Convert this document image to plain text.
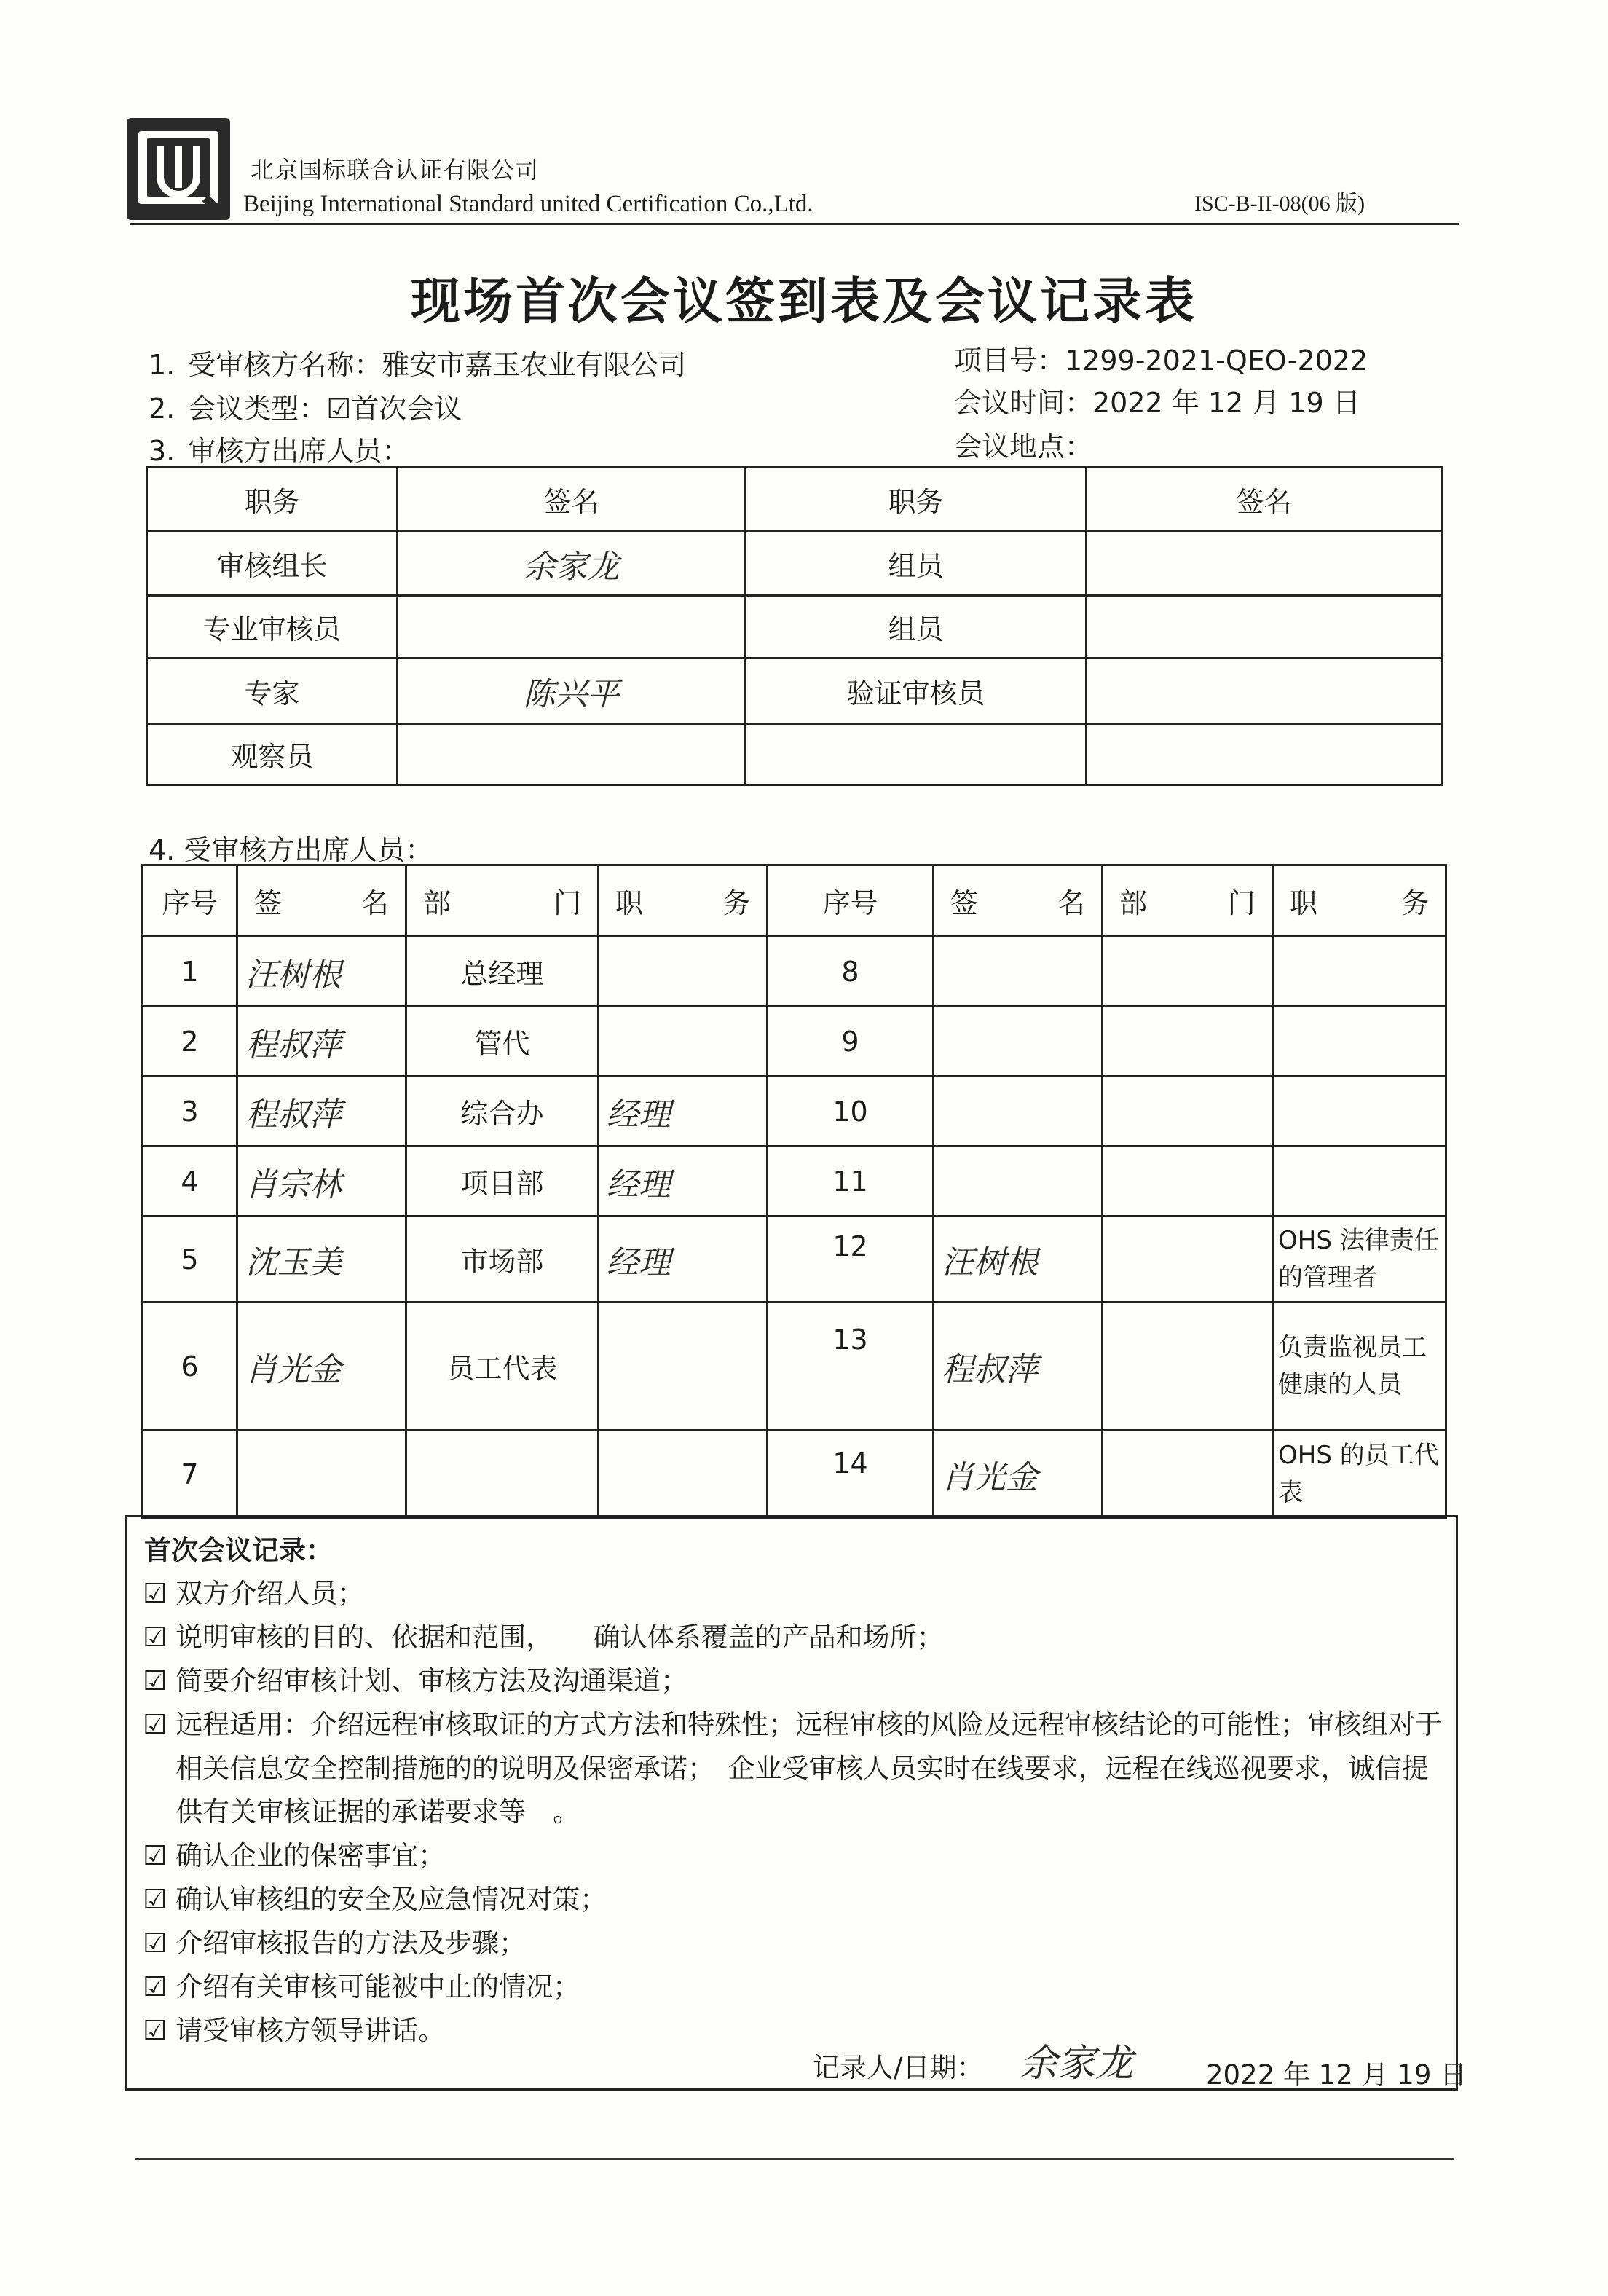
北京国标联合认证有限公司
Beijing International Standard united Certification Co.,Ltd.	ISC-B-II-08(06 版)
现场首次会议签到表及会议记录表
1. 受审核方名称：雅安市嘉玉农业有限公司
2. 会议类型：☑首次会议
3. 审核方出席人员：
项目号：1299-2021-QEO-2022
会议时间：2022 年 12 月 19 日
会议地点：
职务	签名	职务	签名
审核组长	余家龙	组员	
专业审核员		组员	
专家	陈兴平	验证审核员	
观察员			
4. 受审核方出席人员：
序号	签 名	部 门	职 务	序号	签 名	部 门	职 务

1	汪树根	总经理		8			
2	程叔萍	管代		9			
3	程叔萍	综合办	经理	10			
4	肖宗林	项目部	经理	11			
5	沈玉美	市场部	经理	12	汪树根		OHS 法律责任的管理者
6	肖光金	员工代表		13	程叔萍		负责监视员工健康的人员
7				14	肖光金		OHS 的员工代表
首次会议记录：
☑ 双方介绍人员；
☑ 说明审核的目的、依据和范围，　　确认体系覆盖的产品和场所；
☑ 简要介绍审核计划、审核方法及沟通渠道；
☑ 远程适用：介绍远程审核取证的方式方法和特殊性；远程审核的风险及远程审核结论的可能性；审核组对于相关信息安全控制措施的的说明及保密承诺；　企业受审核人员实时在线要求，远程在线巡视要求，诚信提供有关审核证据的承诺要求等　。
☑ 确认企业的保密事宜；
☑ 确认审核组的安全及应急情况对策；
☑ 介绍审核报告的方法及步骤；
☑ 介绍有关审核可能被中止的情况；
☑ 请受审核方领导讲话。
记录人/日期： 余家龙	2022 年 12 月 19 日
